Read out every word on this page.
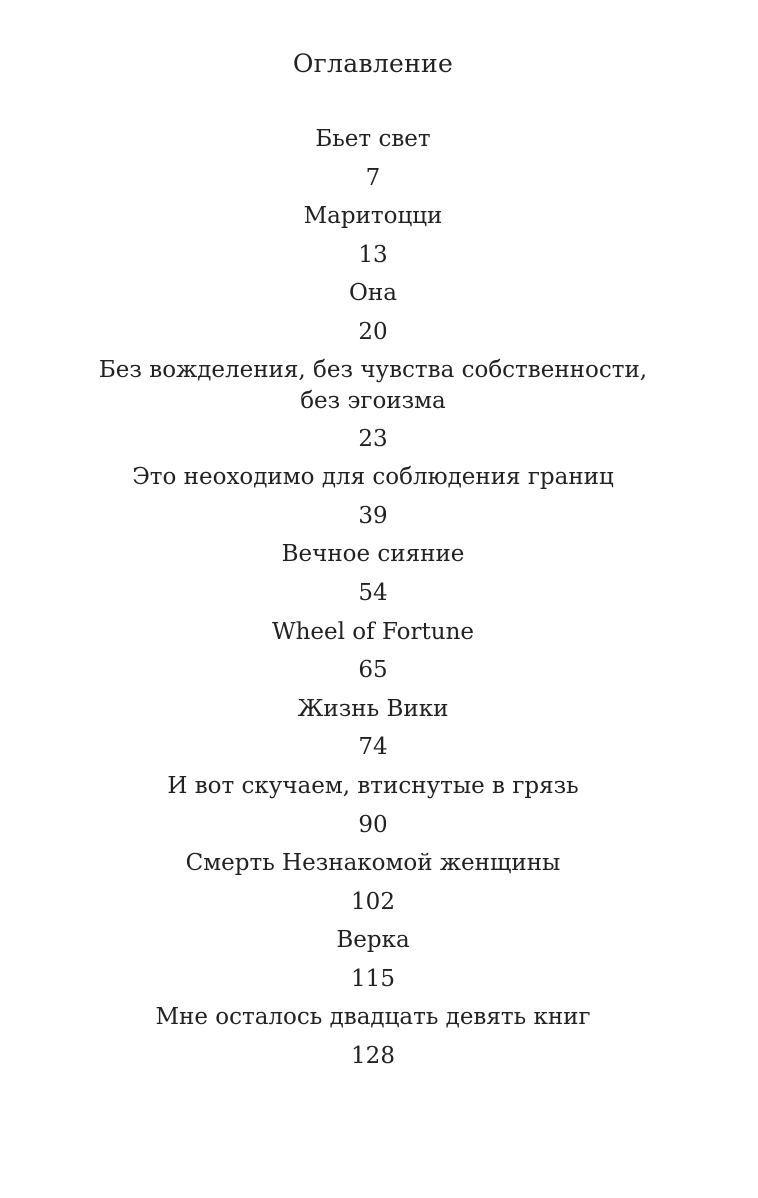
Оглавление
Бьет свет
7
Маритоцци
13
Она
20
Без вожделения, без чувства собственности, без эгоизма
23
Это неоходимо для соблюдения границ
39
Вечное сияние
54
Wheel of Fortune
65
Жизнь Вики
74
И вот скучаем, втиснутые в грязь
90
Смерть Незнакомой женщины
102
Верка
115
Мне осталось двадцать девять книг
128
